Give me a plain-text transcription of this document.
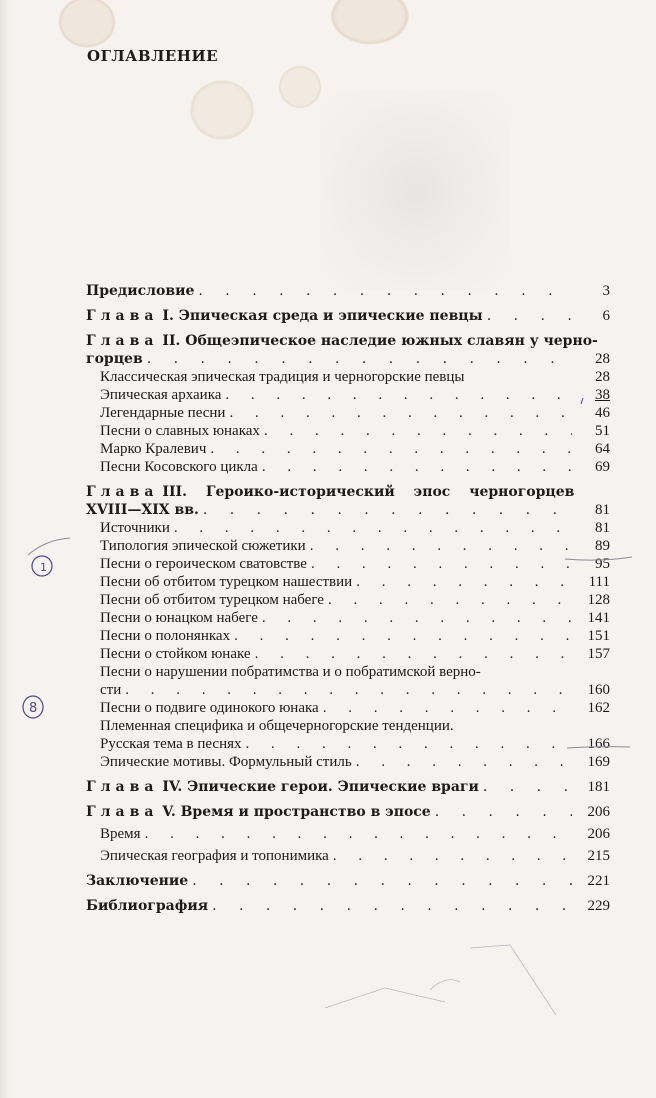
ОГЛАВЛЕНИЕ
Предисловие . . .	3
Глава I. Эпическая среда и эпические певцы . . .	6
Глава II. Общеэпическое наследие южных славян у черно-
горцев . . .	28
Классическая эпическая традиция и черногорские певцы	28
Эпическая архаика . . .	38
Легендарные песни . . .	46
Песни о славных юнаках . . .	51
Марко Кралевич . . .	64
Песни Косовского цикла . . .	69
Глава III. Героико-исторический эпос черногорцев
XVIII—XIX вв. . . .	81
Источники . . .	81
Типология эпической сюжетики . . .	89
Песни о героическом сватовстве . . .	95
Песни об отбитом турецком нашествии . . .	111
Песни об отбитом турецком набеге . . .	128
Песни о юнацком набеге . . .	141
Песни о полонянках . . .	151
Песни о стойком юнаке . . .	157
Песни о нарушении побратимства и о побратимской верно-
сти . . .	160
Песни о подвиге одинокого юнака . . .	162
Племенная специфика и общечерногорские тенденции.
Русская тема в песнях . . .	166
Эпические мотивы. Формульный стиль . . .	169
Глава IV. Эпические герои. Эпические враги . . .	181
Глава V. Время и пространство в эпосе . . .	206
Время . . .	206
Эпическая география и топонимика . . .	215
Заключение . . .	221
Библиография . . .	229
1
8
